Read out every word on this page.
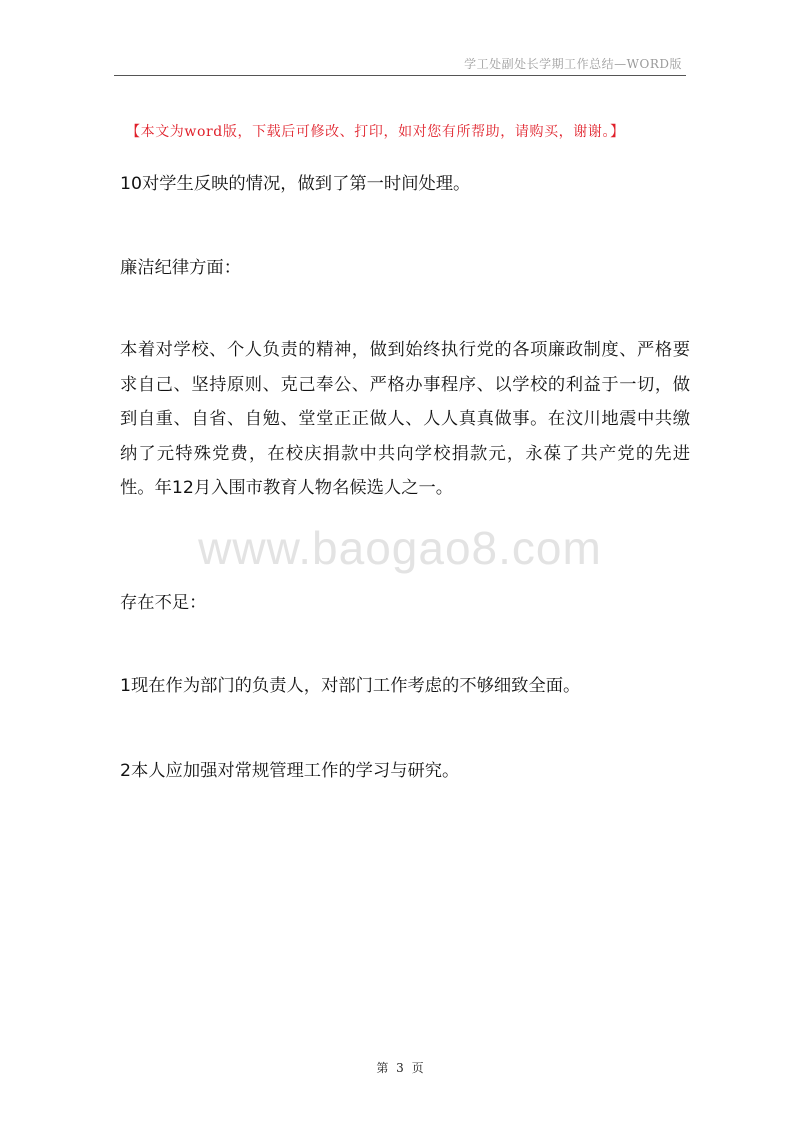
学工处副处长学期工作总结—WORD版
【本文为word版，下载后可修改、打印，如对您有所帮助，请购买，谢谢。】

10对学生反映的情况，做到了第一时间处理。

廉洁纪律方面：

本着对学校、个人负责的精神，做到始终执行党的各项廉政制度、严格要求自己、坚持原则、克己奉公、严格办事程序、以学校的利益于一切，做到自重、自省、自勉、堂堂正正做人、人人真真做事。在汶川地震中共缴纳了元特殊党费，在校庆捐款中共向学校捐款元，永葆了共产党的先进性。年12月入围市教育人物名候选人之一。

www.baogao8.com

存在不足：

1现在作为部门的负责人，对部门工作考虑的不够细致全面。

2本人应加强对常规管理工作的学习与研究。

第 3 页
